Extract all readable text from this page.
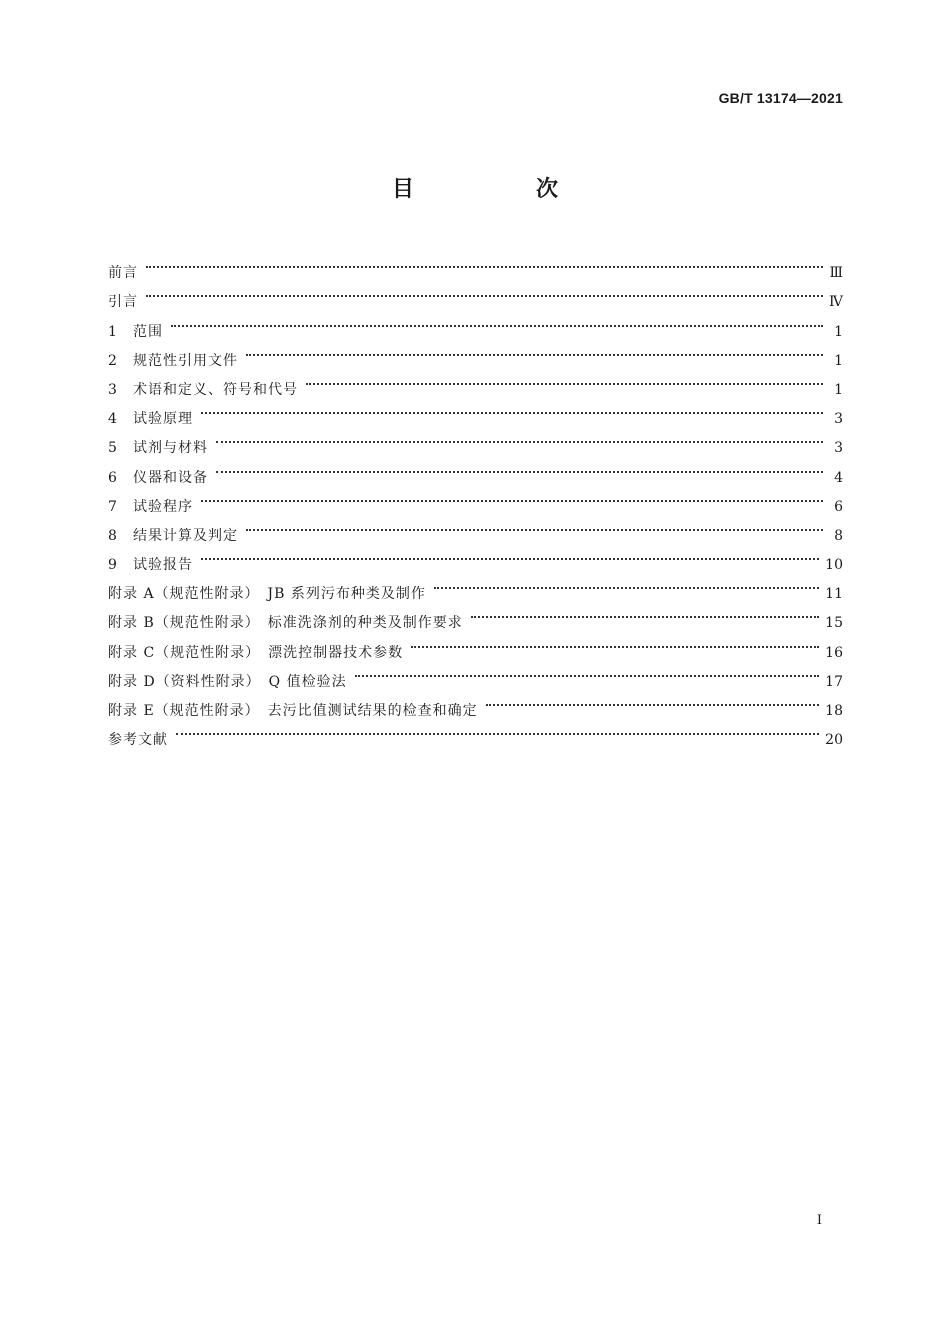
GB/T 13174—2021
目　次
前言	Ⅲ
引言	Ⅳ
1	范围	1
2	规范性引用文件	1
3	术语和定义、符号和代号	1
4	试验原理	3
5	试剂与材料	3
6	仪器和设备	4
7	试验程序	6
8	结果计算及判定	8
9	试验报告	10
附录 A（规范性附录）　JB 系列污布种类及制作	11
附录 B（规范性附录）　标准洗涤剂的种类及制作要求	15
附录 C（规范性附录）　漂洗控制器技术参数	16
附录 D（资料性附录）　Q 值检验法	17
附录 E（规范性附录）　去污比值测试结果的检查和确定	18
参考文献	20
I
